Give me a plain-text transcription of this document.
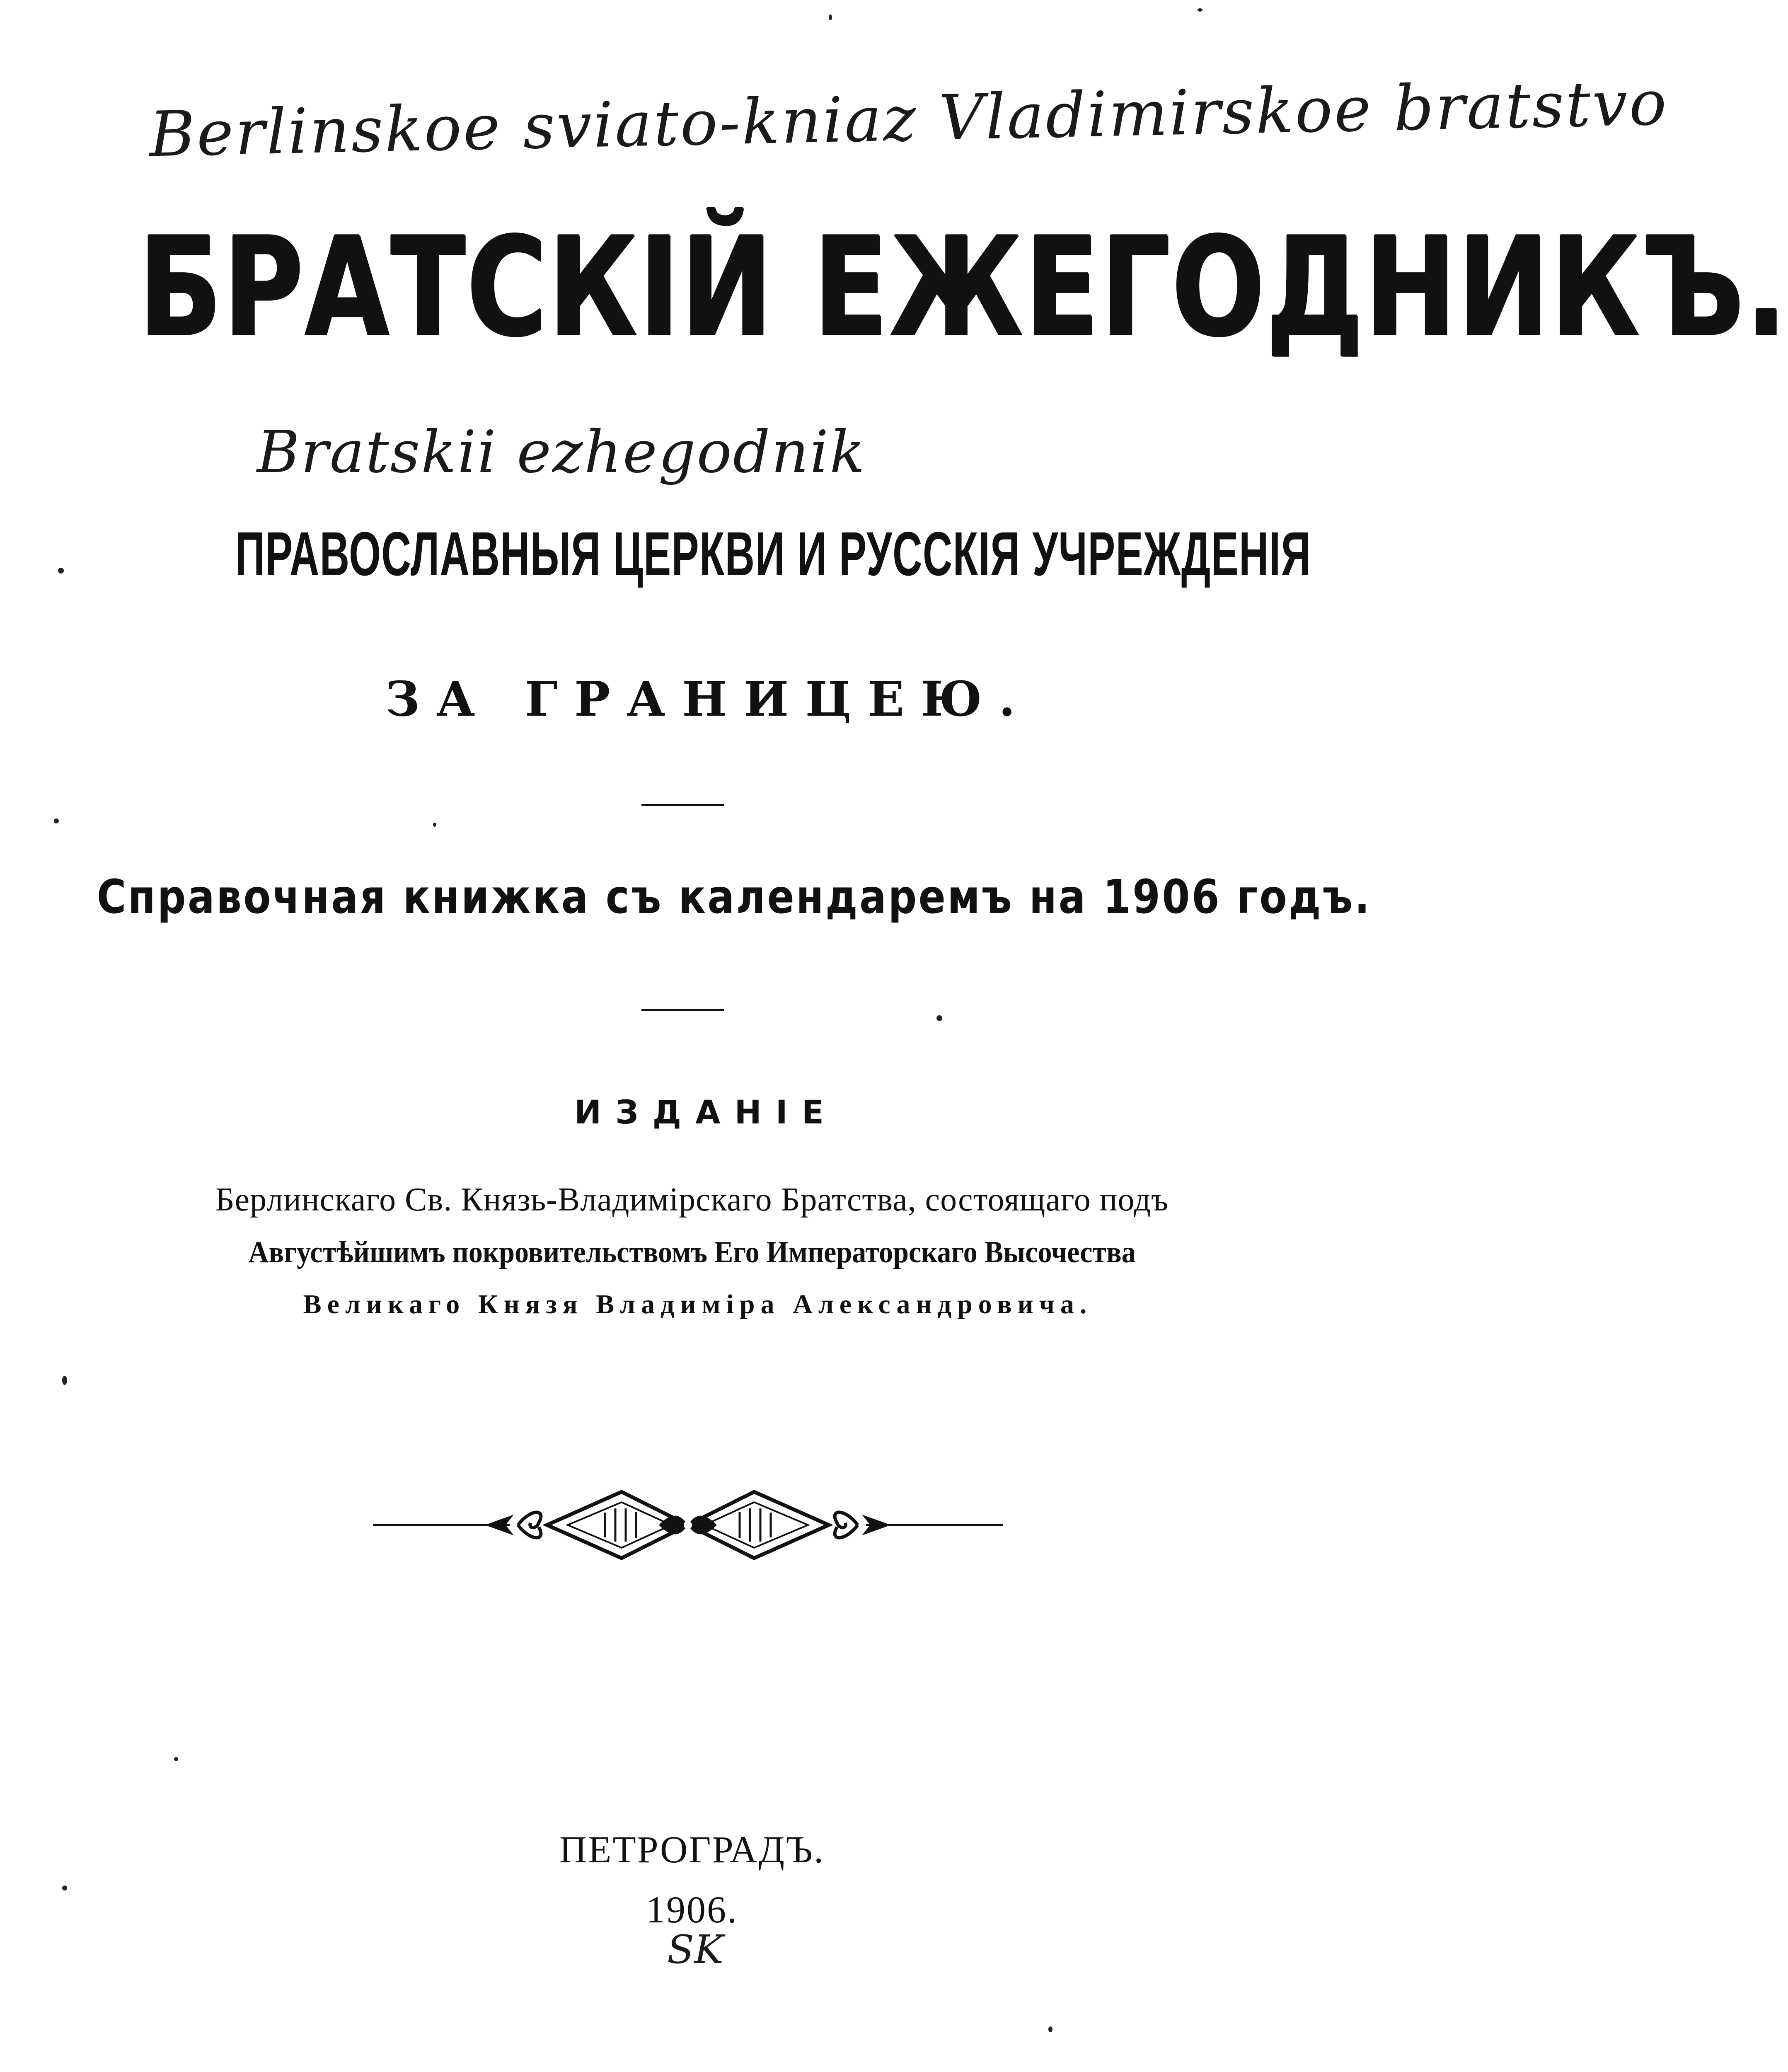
Berlinskoe sviato-kniaz Vladimirskoe bratstvo
БРАТСКІЙ ЕЖЕГОДНИКЪ.
Bratskii ezhegodnik
ПРАВОСЛАВНЫЯ ЦЕРКВИ И РУССКІЯ УЧРЕЖДЕНІЯ
ЗА ГРАНИЦЕЮ.
Справочная книжка съ календаремъ на 1906 годъ.
ИЗДАНІЕ
Берлинскаго Св. Князь-Владимірскаго Братства, состоящаго подъ
Августѣйшимъ покровительствомъ Его Императорскаго Высочества
Великаго Князя Владиміра Александровича.
ПЕТРОГРАДЪ.
1906.
SK
